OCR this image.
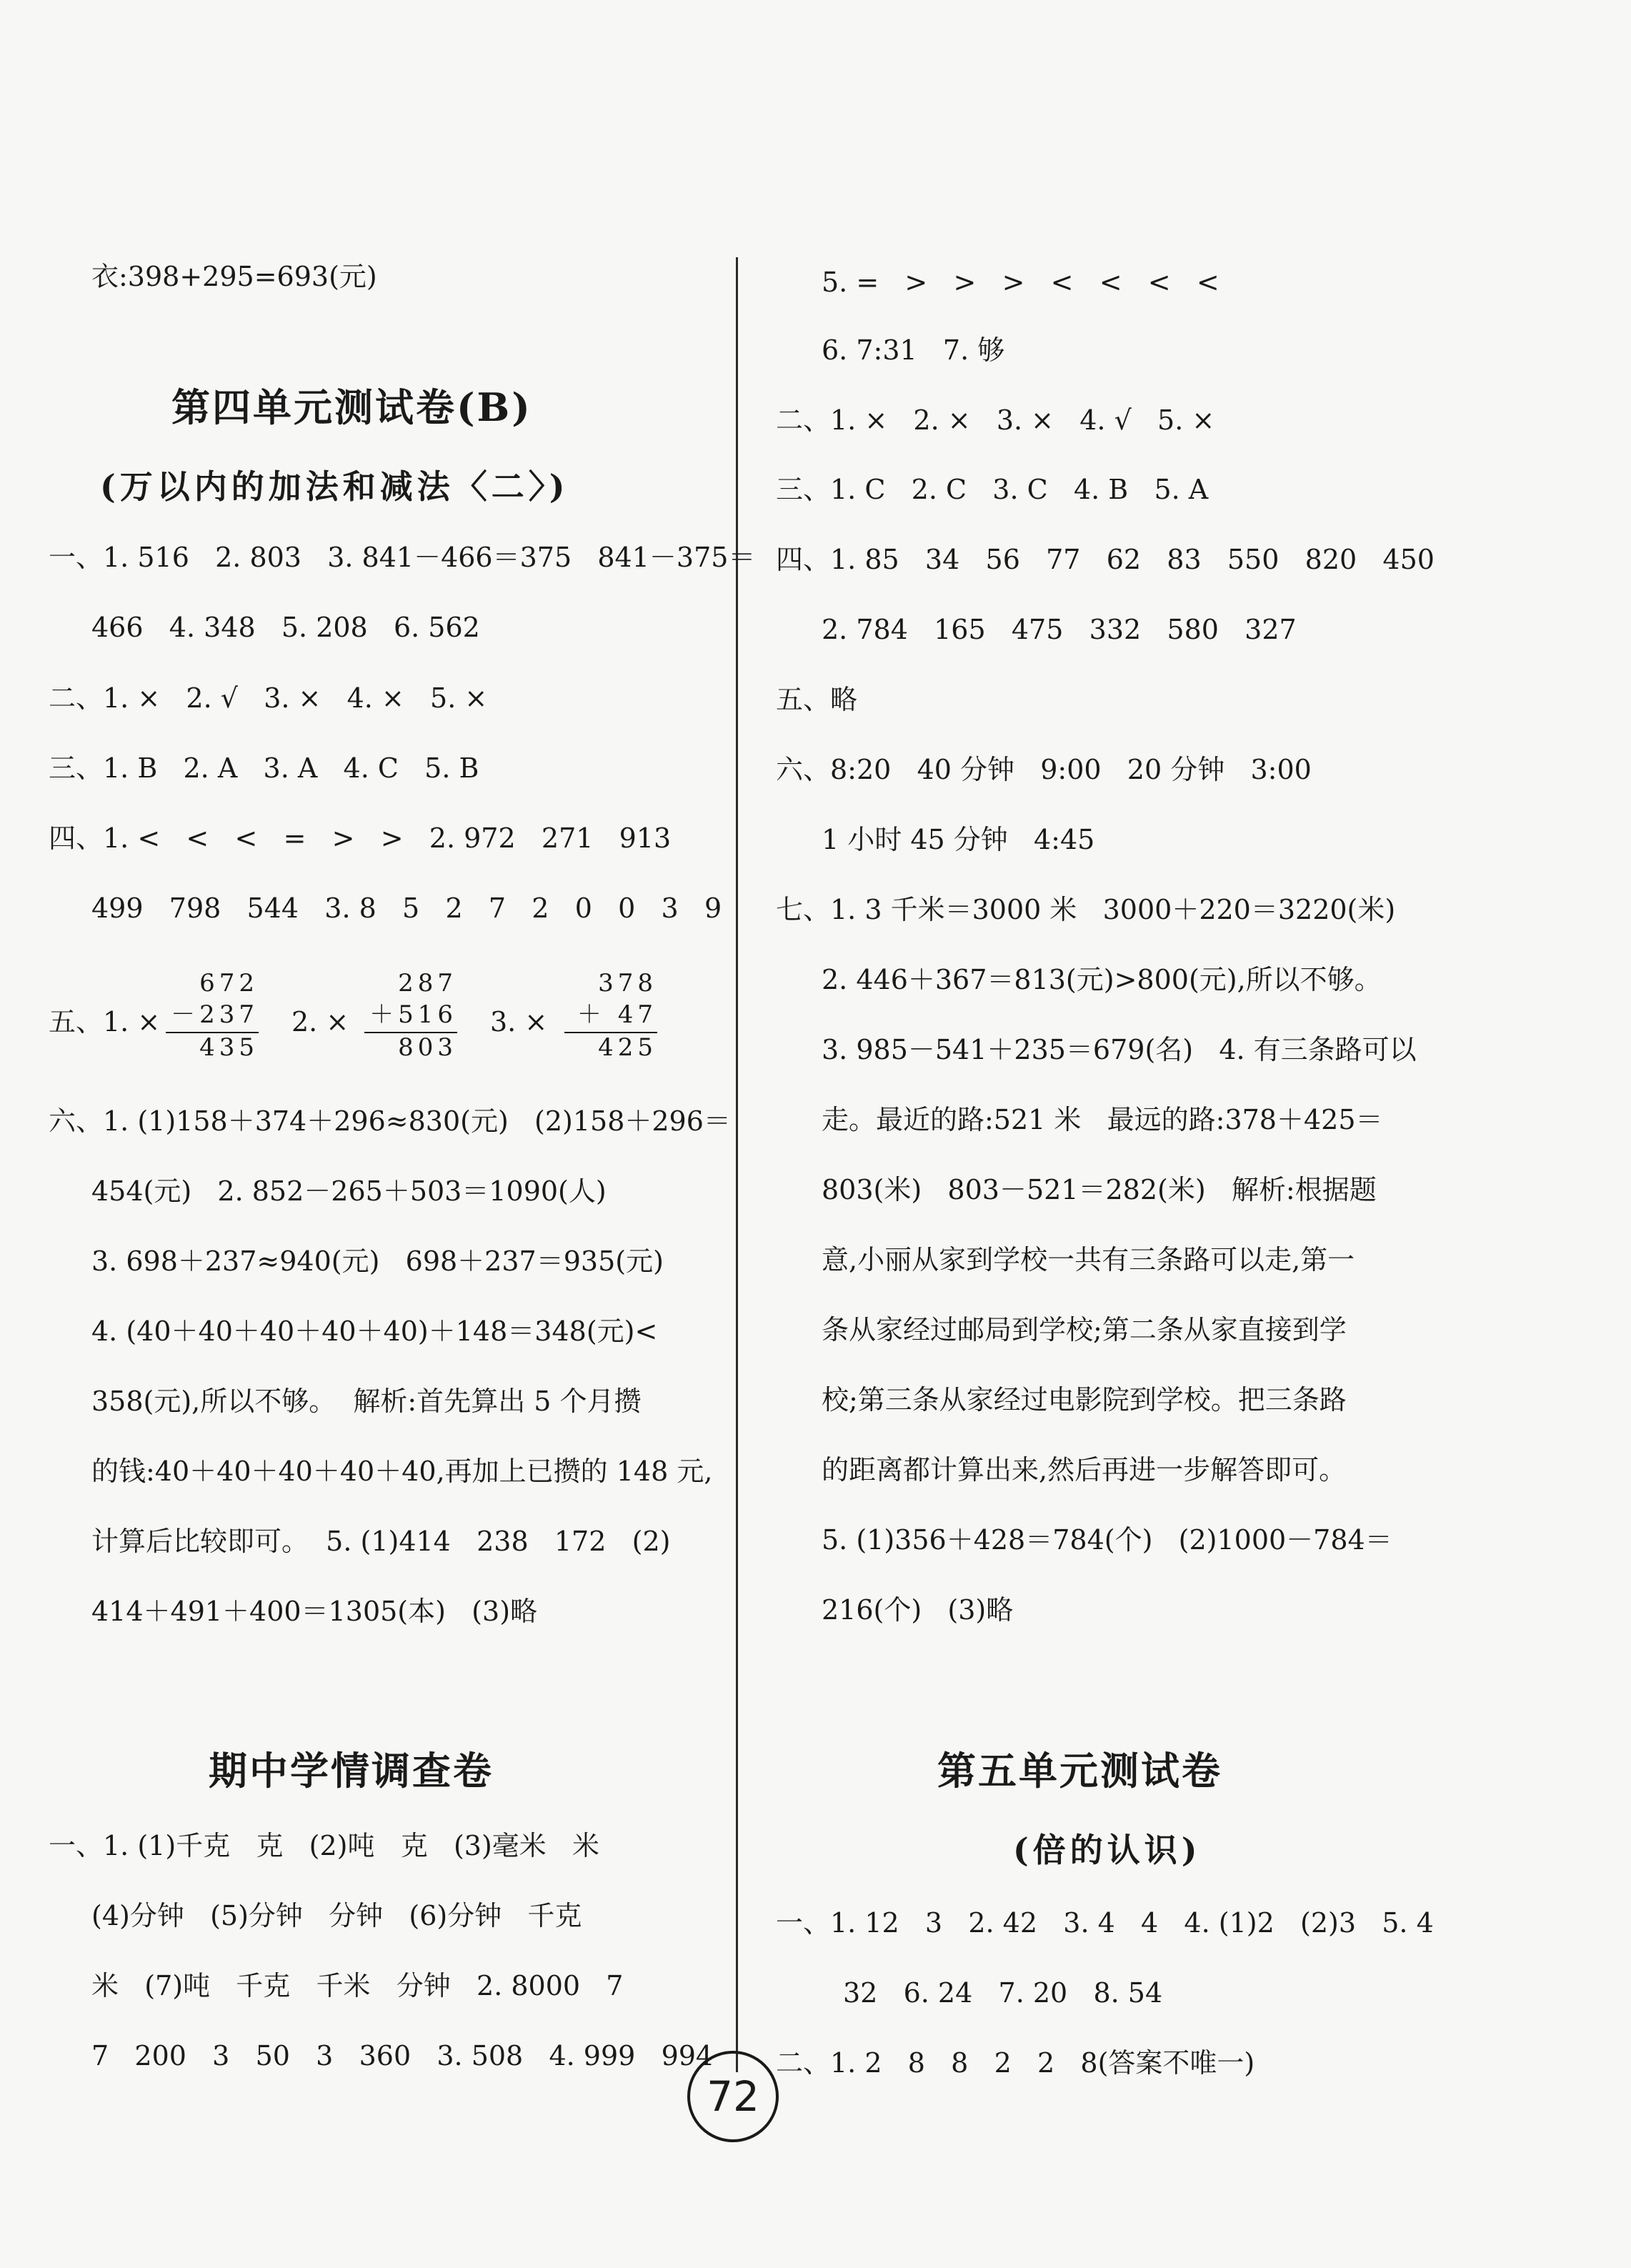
衣:398+295=693(元)
第四单元测试卷(B)
(万以内的加法和减法〈二〉)
一、1. 516   2. 803   3. 841－466＝375   841－375＝
466   4. 348   5. 208   6. 562
二、1. ×   2. √   3. ×   4. ×   5. ×
三、1. B   2. A   3. A   4. C   5. B
四、1. <   <   <   =   >   >   2. 972   271   913
499   798   544   3. 8   5   2   7   2   0   0   3   9
五、1. ×
672
－237
435
2. ×
287
＋516
803
3. ×
378
＋ 47
425
六、1. (1)158＋374＋296≈830(元)   (2)158＋296＝
454(元)   2. 852－265＋503＝1090(人)
3. 698＋237≈940(元)   698＋237＝935(元)
4. (40＋40＋40＋40＋40)＋148＝348(元)<
358(元),所以不够。  解析:首先算出 5 个月攒
的钱:40＋40＋40＋40＋40,再加上已攒的 148 元,
计算后比较即可。  5. (1)414   238   172   (2)
414＋491＋400＝1305(本)   (3)略
期中学情调查卷
一、1. (1)千克   克   (2)吨   克   (3)毫米   米
(4)分钟   (5)分钟   分钟   (6)分钟   千克
米   (7)吨   千克   千米   分钟   2. 8000   7
7   200   3   50   3   360   3. 508   4. 999   994
5. =   >   >   >   <   <   <   <
6. 7:31   7. 够
二、1. ×   2. ×   3. ×   4. √   5. ×
三、1. C   2. C   3. C   4. B   5. A
四、1. 85   34   56   77   62   83   550   820   450
2. 784   165   475   332   580   327
五、略
六、8:20   40 分钟   9:00   20 分钟   3:00
1 小时 45 分钟   4:45
七、1. 3 千米＝3000 米   3000＋220＝3220(米)
2. 446＋367＝813(元)>800(元),所以不够。
3. 985－541＋235＝679(名)   4. 有三条路可以
走。最近的路:521 米   最远的路:378＋425＝
803(米)   803－521＝282(米)   解析:根据题
意,小丽从家到学校一共有三条路可以走,第一
条从家经过邮局到学校;第二条从家直接到学
校;第三条从家经过电影院到学校。把三条路
的距离都计算出来,然后再进一步解答即可。
5. (1)356＋428＝784(个)   (2)1000－784＝
216(个)   (3)略
第五单元测试卷
(倍的认识)
一、1. 12   3   2. 42   3. 4   4   4. (1)2   (2)3   5. 4
32   6. 24   7. 20   8. 54
二、1. 2   8   8   2   2   8(答案不唯一)
72
